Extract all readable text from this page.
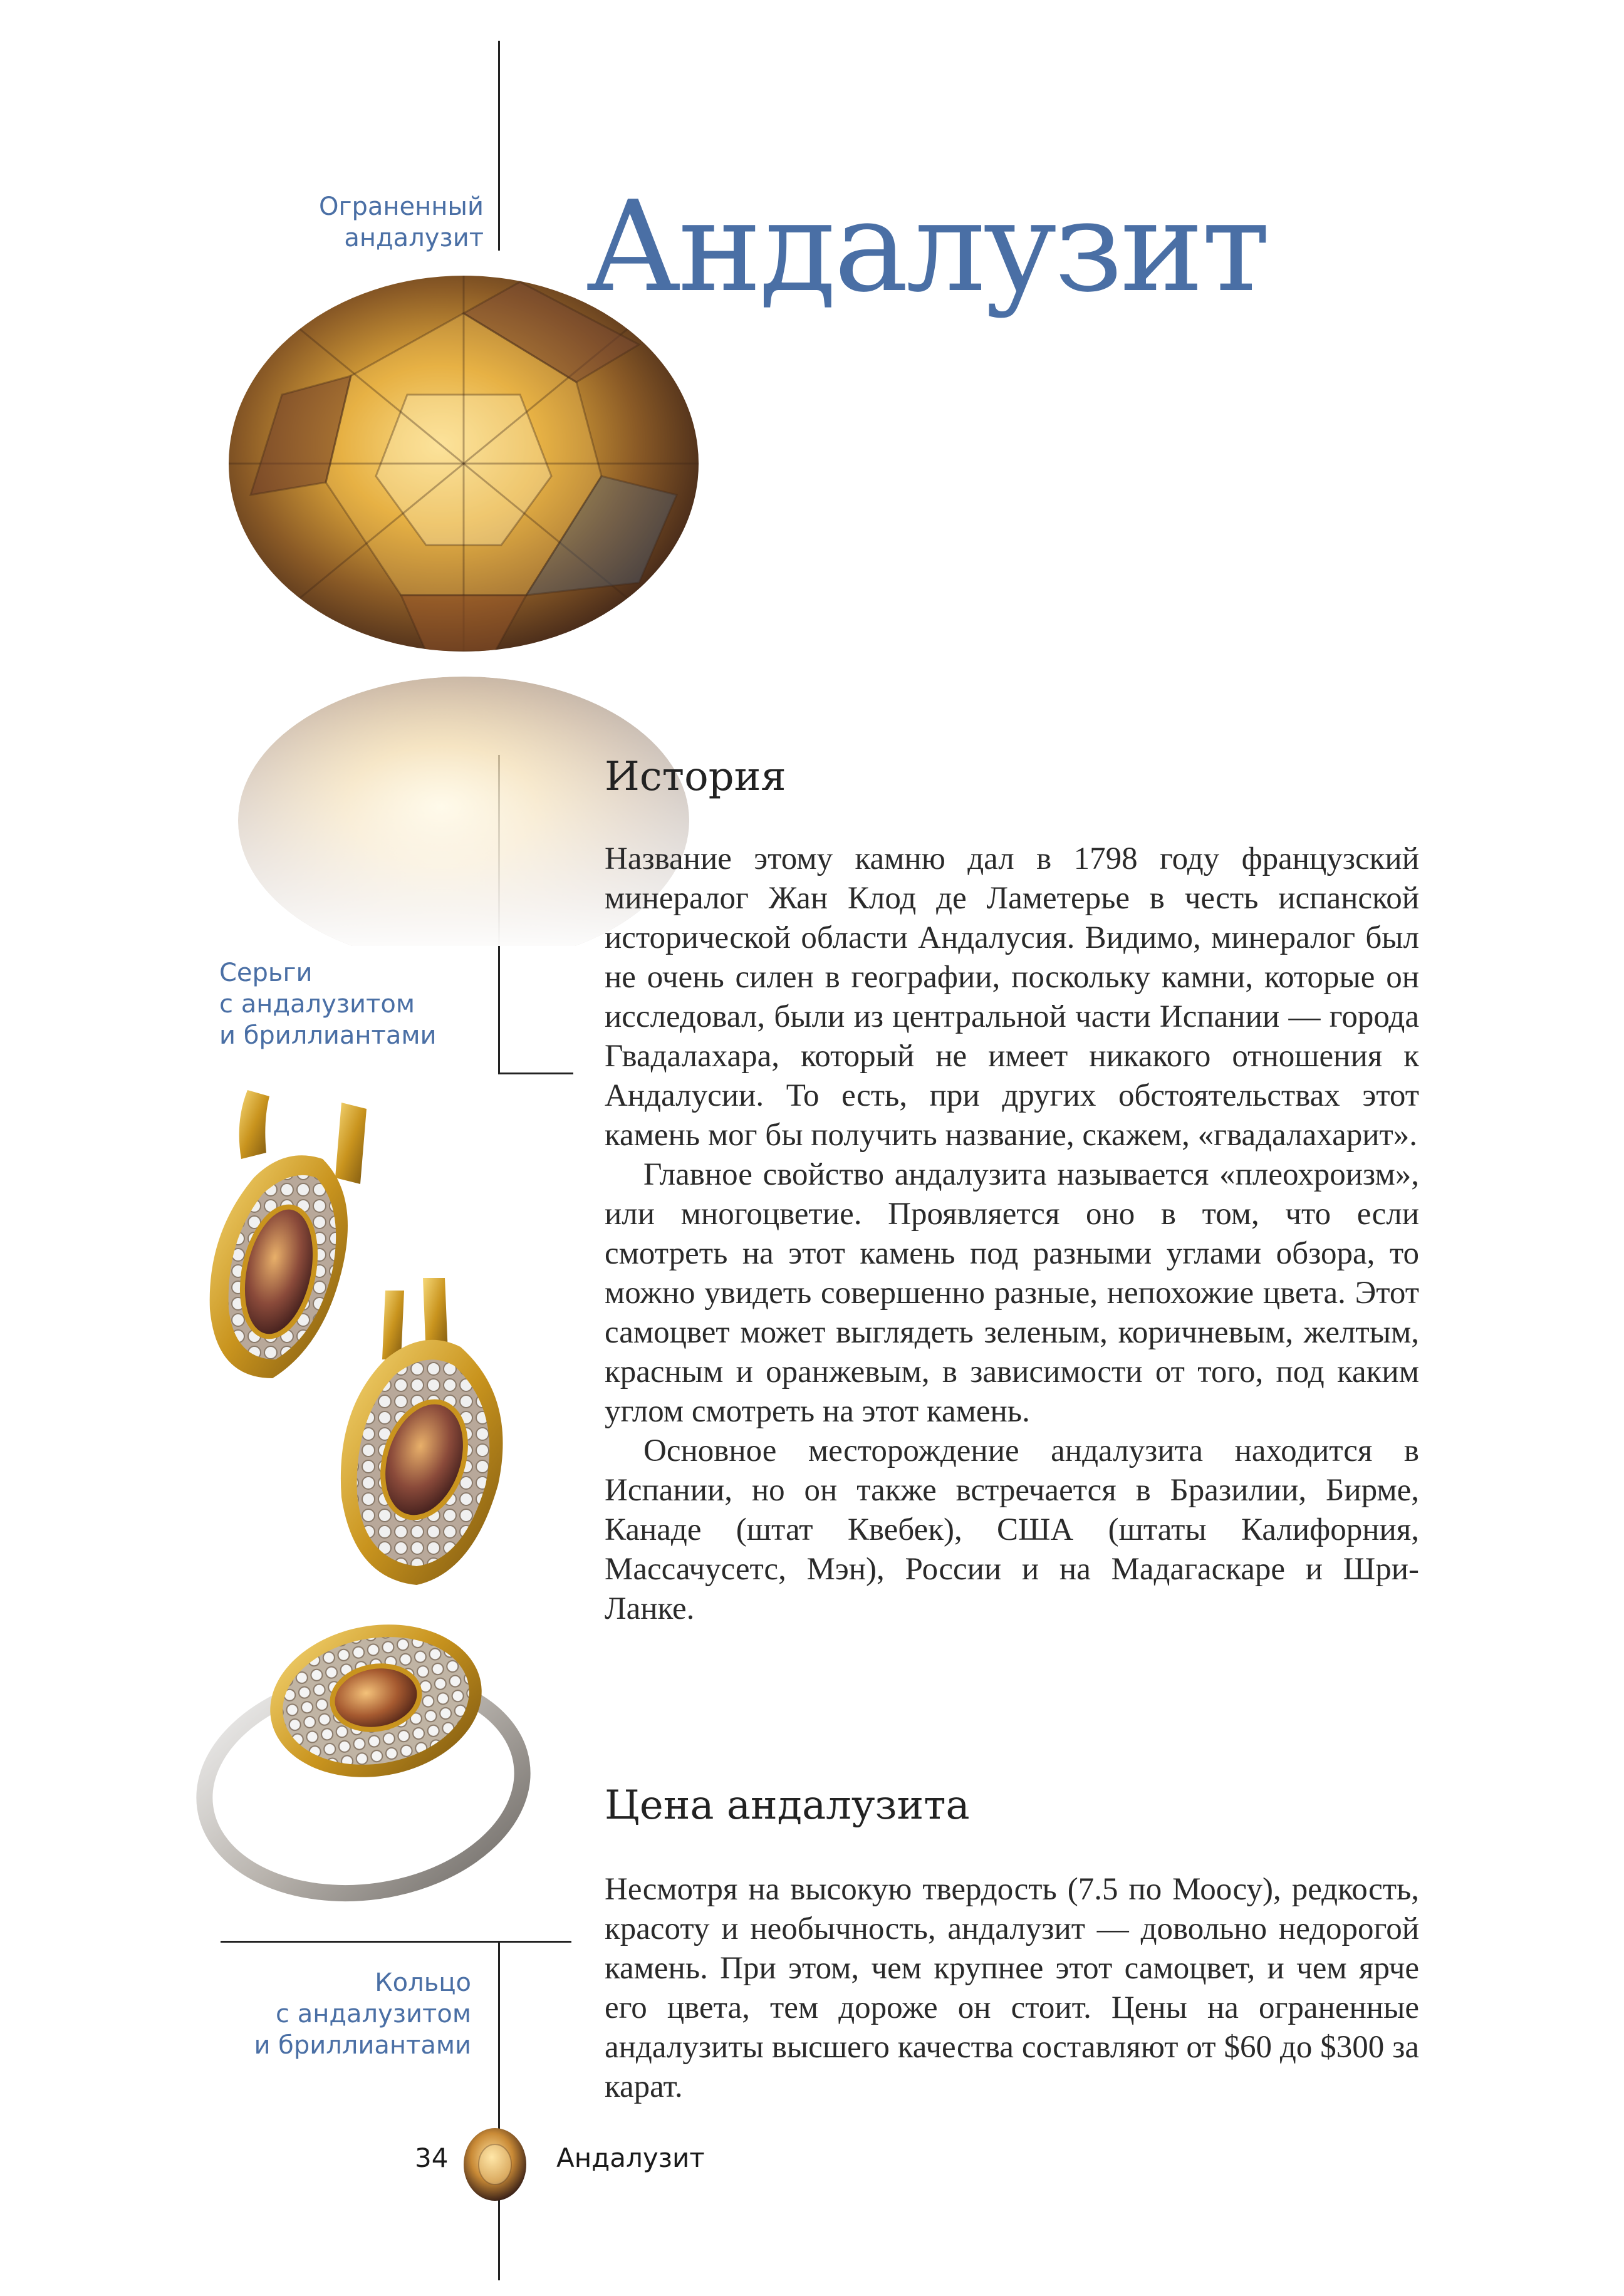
Ограненный
андалузит
Серьги
с андалузитом
и бриллиантами
Кольцо
с андалузитом
и бриллиантами
Андалузит
История

Название этому камню дал в 1798 году французский минералог Жан Клод де Ламетерье в честь испанской исторической области Андалусия. Видимо, минералог был не очень силен в географии, поскольку камни, которые он исследовал, были из центральной части Испании — города Гвадалахара, который не имеет никакого отношения к Андалусии. То есть, при других обстоятельствах этот камень мог бы получить название, скажем, «гвадалахарит».

Главное свойство андалузита называется «плеохроизм», или многоцветие. Проявляется оно в том, что если смотреть на этот камень под разными углами обзора, то можно увидеть совершенно разные, непохожие цвета. Этот самоцвет может выглядеть зеленым, коричневым, желтым, красным и оранжевым, в зависимости от того, под каким углом смотреть на этот камень.

Основное месторождение андалузита находится в Испании, но он также встречается в Бразилии, Бирме, Канаде (штат Квебек), США (штаты Калифорния, Массачусетс, Мэн), России и на Мадагаскаре и Шри-Ланке.

Цена андалузита

Несмотря на высокую твердость (7.5 по Моосу), редкость, красоту и необычность, андалузит — довольно недорогой камень. При этом, чем крупнее этот самоцвет, и чем ярче его цвета, тем дороже он стоит. Цены на ограненные андалузиты высшего качества составляют от $60 до $300 за карат.

34	Андалузит
